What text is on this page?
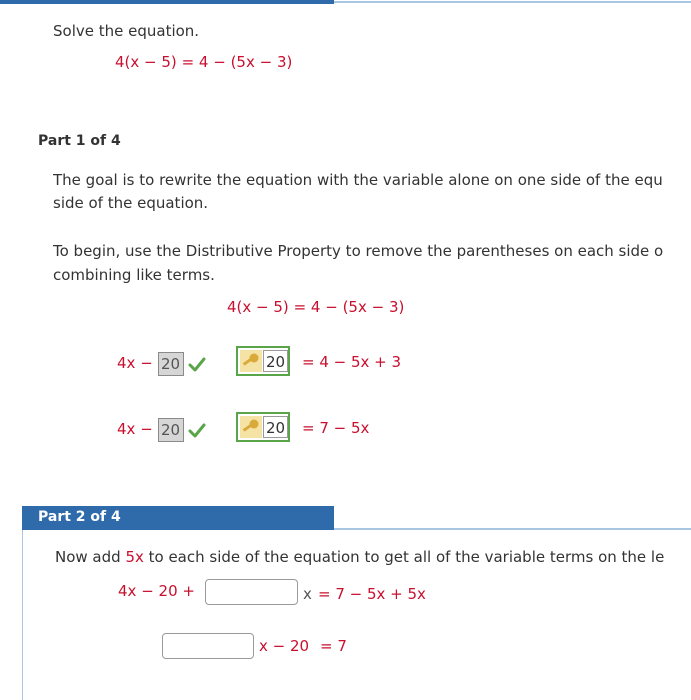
Solve the equation.
4(x − 5) = 4 − (5x − 3)
Part 1 of 4
The goal is to rewrite the equation with the variable alone on one side of the equ
side of the equation.
To begin, use the Distributive Property to remove the parentheses on each side o
combining like terms.
4(x − 5) = 4 − (5x − 3)
4x − 20	20 = 4 − 5x + 3
4x − 20	20 = 7 − 5x
Part 2 of 4
Now add 5x to each side of the equation to get all of the variable terms on the le
4x − 20 +	x = 7 − 5x + 5x
x − 20 = 7
